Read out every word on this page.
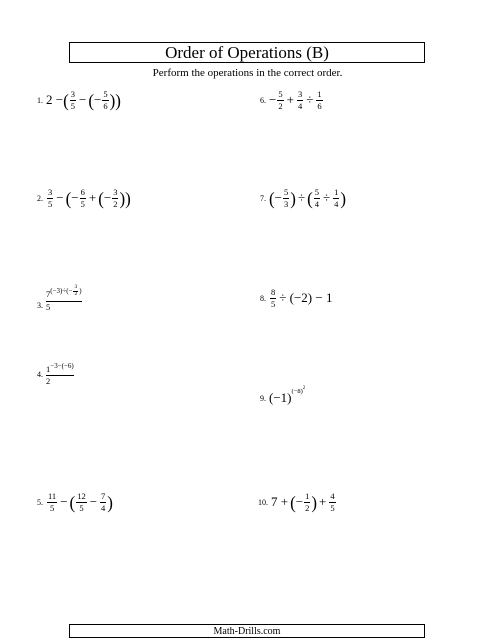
Order of Operations (B)
Perform the operations in the correct order.
1. 2 − ( $\frac{3}{5}$ − ( − $\frac{5}{6}$ ) )	6. − $\frac{5}{2} + \frac{3}{4} \div \frac{1}{6}$
2. $\frac{3}{5}$ − ( − $\frac{6}{5}$ + ( − $\frac{3}{2}$ ) )	7. ( − $\frac{5}{3}$ ) ÷ ( $\frac{5}{4} \div \frac{1}{4}$ )
3.
7 (−3)÷(− 3
2 )
5
8. $\frac{8}{5} \div (-2) - 1$
4.
1 −3−(−6)
2
9. (−1) (−8) 2
5. $\frac{11}{5}$ − ( $\frac{12}{5} - \frac{7}{4}$ )	10. 7 + ( − $\frac{1}{2}$ ) + $\frac{4}{5}$
Math-Drills.com
